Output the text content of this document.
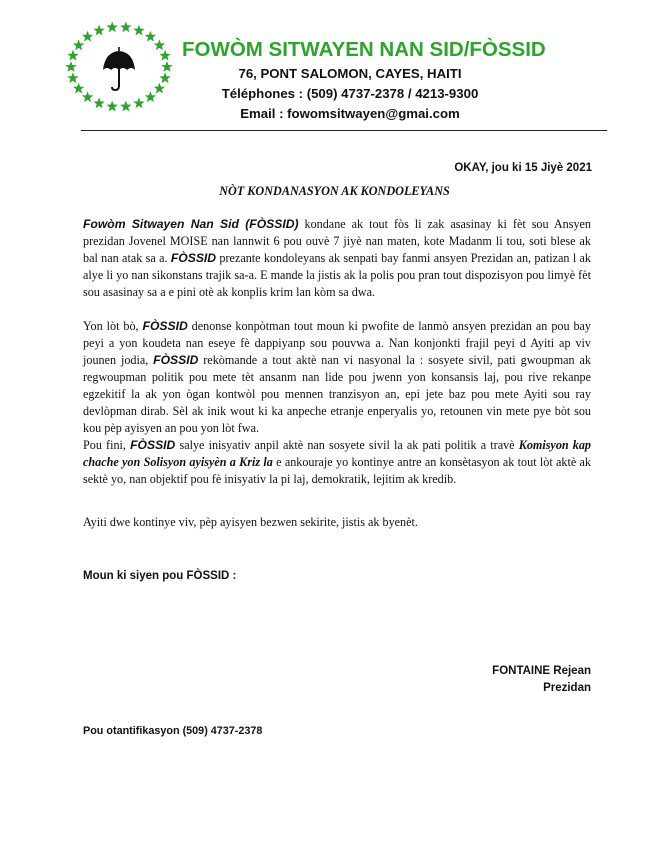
FOWÒM SITWAYEN NAN SID/FÒSSID
76, PONT SALOMON, CAYES, HAITI
Téléphones : (509) 4737-2378 / 4213-9300
Email : fowomsitwayen@gmai.com
OKAY, jou ki 15 Jiyè 2021
NÒT KONDANASYON AK KONDOLEYANS

Fowòm Sitwayen Nan Sid (FÒSSID) kondane ak tout fòs li zak asasinay ki fèt sou Ansyen prezidan Jovenel MOISE nan lannwit 6 pou ouvè 7 jiyè nan maten, kote Madanm li tou, soti blese ak bal nan atak sa a. FÒSSID prezante kondoleyans ak senpati bay fanmi ansyen Prezidan an, patizan l ak alye li yo nan sikonstans trajik sa-a. E mande la jistis ak la polis pou pran tout dispozisyon pou limyè fèt sou asasinay sa a e pini otè ak konplis krim lan kòm sa dwa.

Yon lòt bò, FÒSSID denonse konpòtman tout moun ki pwofite de lanmò ansyen prezidan an pou bay peyi a yon koudeta nan eseye fè dappiyanp sou pouvwa a. Nan konjonkti frajil peyi d Ayiti ap viv jounen jodia, FÒSSID rekòmande a tout aktè nan vi nasyonal la : sosyete sivil, pati gwoupman ak regwoupman politik pou mete tèt ansanm nan lide pou jwenn yon konsansis laj, pou rive rekanpe egzekitif la ak yon ògan kontwòl pou mennen tranzisyon an, epi jete baz pou mete Ayiti sou ray devlòpman dirab. Sèl ak inik wout ki ka anpeche etranje enperyalis yo, retounen vin mete pye bòt sou kou pèp ayisyen an pou yon lòt fwa.

Pou fini, FÒSSID salye inisyativ anpil aktè nan sosyete sivil la ak pati politik a travè Komisyon kap chache yon Solisyon ayisyèn a Kriz la e ankouraje yo kontinye antre an konsètasyon ak tout lòt aktè ak sektè yo, nan objektif pou fè inisyativ la pi laj, demokratik, lejitim ak kredib.

Ayiti dwe kontinye viv, pèp ayisyen bezwen sekirite, jistis ak byenèt.

Moun ki siyen pou FÒSSID :
FONTAINE Rejean
Prezidan
Pou otantifikasyon (509) 4737-2378
